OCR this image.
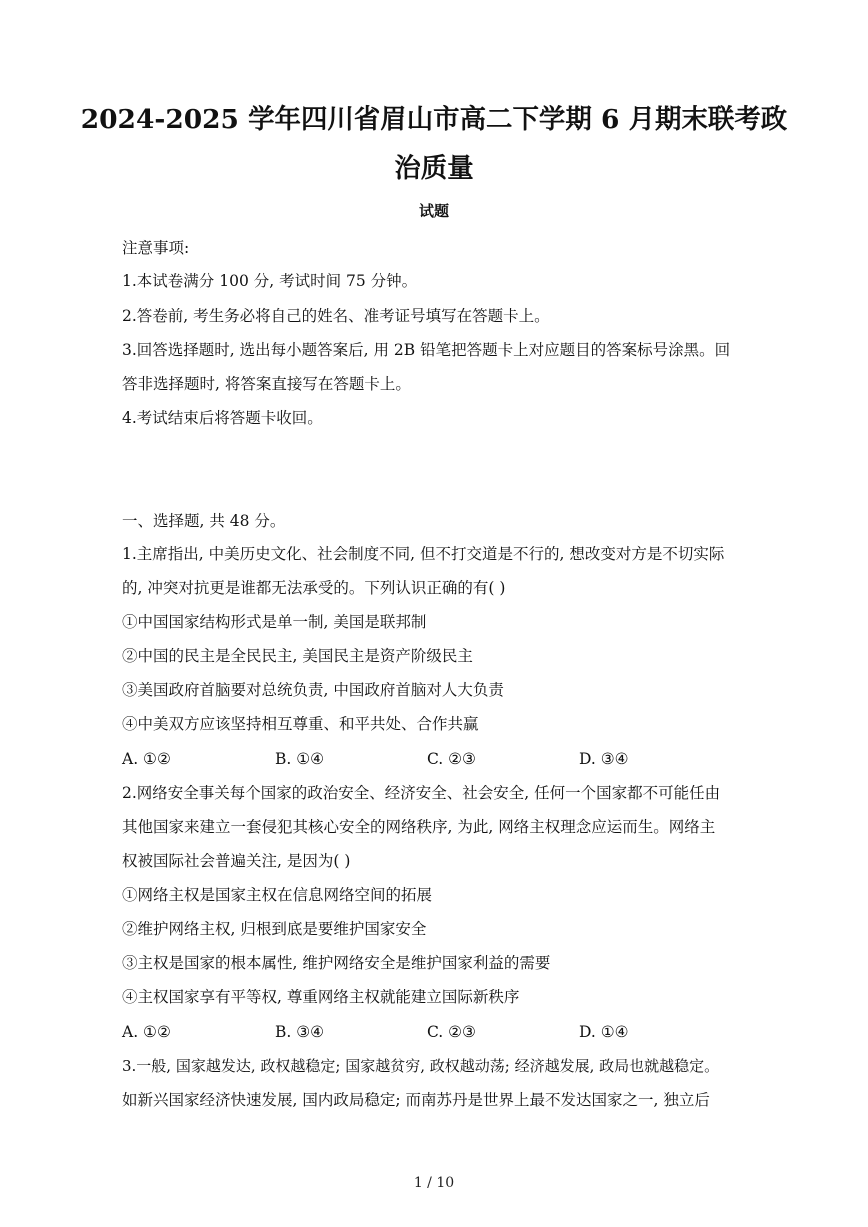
2024-2025 学年四川省眉山市高二下学期 6 月期末联考政
治质量
试题
注意事项:
1.本试卷满分 100 分, 考试时间 75 分钟。
2.答卷前, 考生务必将自己的姓名、准考证号填写在答题卡上。
3.回答选择题时, 选出每小题答案后, 用 2B 铅笔把答题卡上对应题目的答案标号涂黑。回
答非选择题时, 将答案直接写在答题卡上。
4.考试结束后将答题卡收回。
一、选择题, 共 48 分。
1.主席指出, 中美历史文化、社会制度不同, 但不打交道是不行的, 想改变对方是不切实际
的, 冲突对抗更是谁都无法承受的。下列认识正确的有( )
①中国国家结构形式是单一制, 美国是联邦制
②中国的民主是全民民主, 美国民主是资产阶级民主
③美国政府首脑要对总统负责, 中国政府首脑对人大负责
④中美双方应该坚持相互尊重、和平共处、合作共赢
A. ①②	B. ①④	C. ②③	D. ③④
2.网络安全事关每个国家的政治安全、经济安全、社会安全, 任何一个国家都不可能任由
其他国家来建立一套侵犯其核心安全的网络秩序, 为此, 网络主权理念应运而生。网络主
权被国际社会普遍关注, 是因为( )
①网络主权是国家主权在信息网络空间的拓展
②维护网络主权, 归根到底是要维护国家安全
③主权是国家的根本属性, 维护网络安全是维护国家利益的需要
④主权国家享有平等权, 尊重网络主权就能建立国际新秩序
A. ①②	B. ③④	C. ②③	D. ①④
3.一般, 国家越发达, 政权越稳定; 国家越贫穷, 政权越动荡; 经济越发展, 政局也就越稳定。
如新兴国家经济快速发展, 国内政局稳定; 而南苏丹是世界上最不发达国家之一, 独立后
1 / 10
